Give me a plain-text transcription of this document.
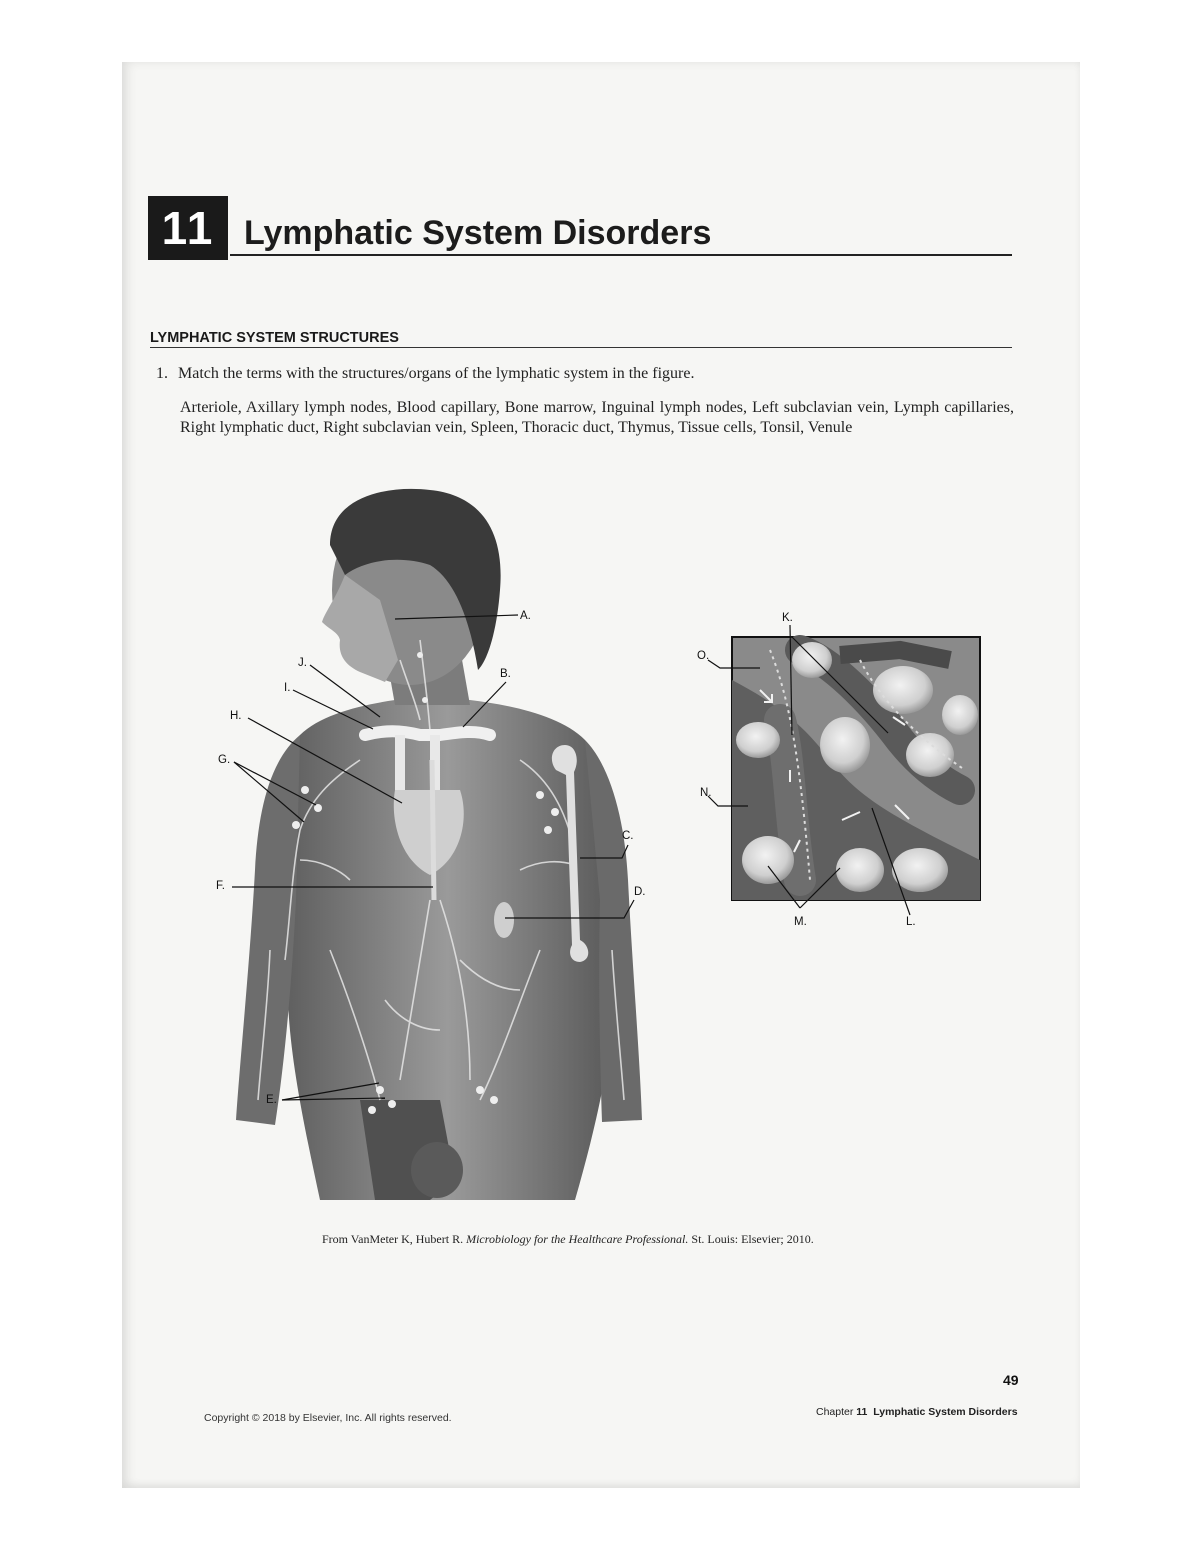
11 Lymphatic System Disorders
LYMPHATIC SYSTEM STRUCTURES
1. Match the terms with the structures/organs of the lymphatic system in the figure.
Arteriole, Axillary lymph nodes, Blood capillary, Bone marrow, Inguinal lymph nodes, Left subclavian vein, Lymph capillaries, Right lymphatic duct, Right subclavian vein, Spleen, Thoracic duct, Thymus, Tissue cells, Tonsil, Venule
A.
B.
C.
D.
E.
F.
G.
H.
I.
J.
K.
L.
M.
N.
O.
From VanMeter K, Hubert R. Microbiology for the Healthcare Professional. St. Louis: Elsevier; 2010.
49
Copyright © 2018 by Elsevier, Inc. All rights reserved.	Chapter 11  Lymphatic System Disorders
